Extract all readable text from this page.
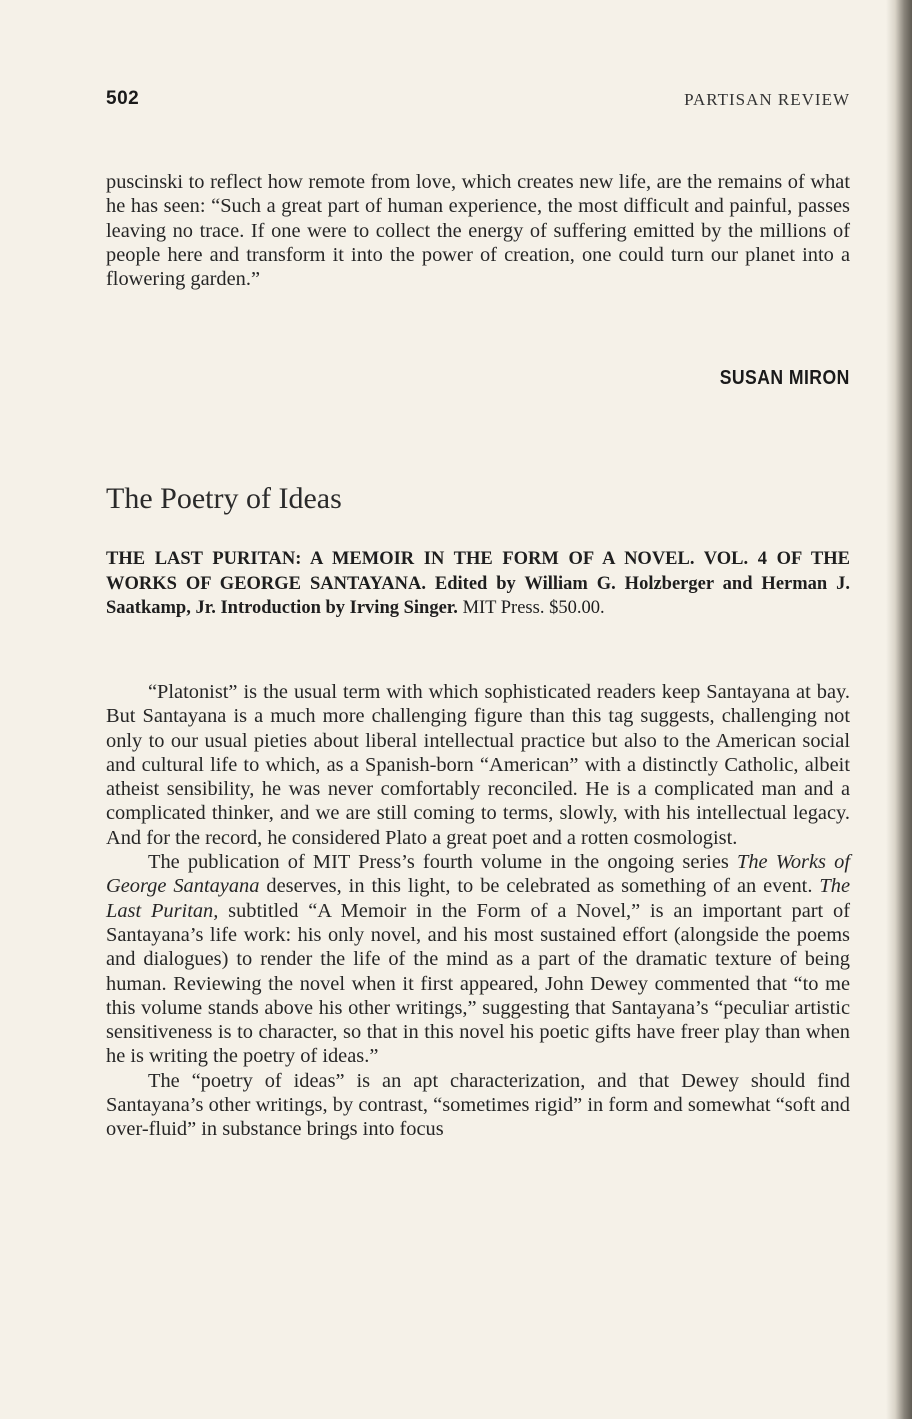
502	PARTISAN REVIEW

puscinski to reflect how remote from love, which creates new life, are the remains of what he has seen: “Such a great part of human experience, the most difficult and painful, passes leaving no trace. If one were to collect the energy of suffering emitted by the millions of people here and transform it into the power of creation, one could turn our planet into a flowering garden.”

SUSAN MIRON
The Poetry of Ideas

THE LAST PURITAN: A MEMOIR IN THE FORM OF A NOVEL. VOL. 4 OF THE WORKS OF GEORGE SANTAYANA. Edited by William G. Holzberger and Herman J. Saatkamp, Jr. Introduction by Irving Singer. MIT Press. $50.00.

“Platonist” is the usual term with which sophisticated readers keep Santayana at bay. But Santayana is a much more challenging figure than this tag suggests, challenging not only to our usual pieties about liberal intellectual practice but also to the American social and cultural life to which, as a Spanish-born “American” with a distinctly Catholic, albeit atheist sensibility, he was never comfortably reconciled. He is a complicated man and a complicated thinker, and we are still coming to terms, slowly, with his intellectual legacy. And for the record, he considered Plato a great poet and a rotten cosmologist.

The publication of MIT Press’s fourth volume in the ongoing series The Works of George Santayana deserves, in this light, to be celebrated as something of an event. The Last Puritan, subtitled “A Memoir in the Form of a Novel,” is an important part of Santayana’s life work: his only novel, and his most sustained effort (alongside the poems and dialogues) to render the life of the mind as a part of the dramatic texture of being human. Reviewing the novel when it first appeared, John Dewey commented that “to me this volume stands above his other writings,” suggesting that Santayana’s “peculiar artistic sensitiveness is to character, so that in this novel his poetic gifts have freer play than when he is writing the poetry of ideas.”

The “poetry of ideas” is an apt characterization, and that Dewey should find Santayana’s other writings, by contrast, “sometimes rigid” in form and somewhat “soft and over-fluid” in substance brings into focus
